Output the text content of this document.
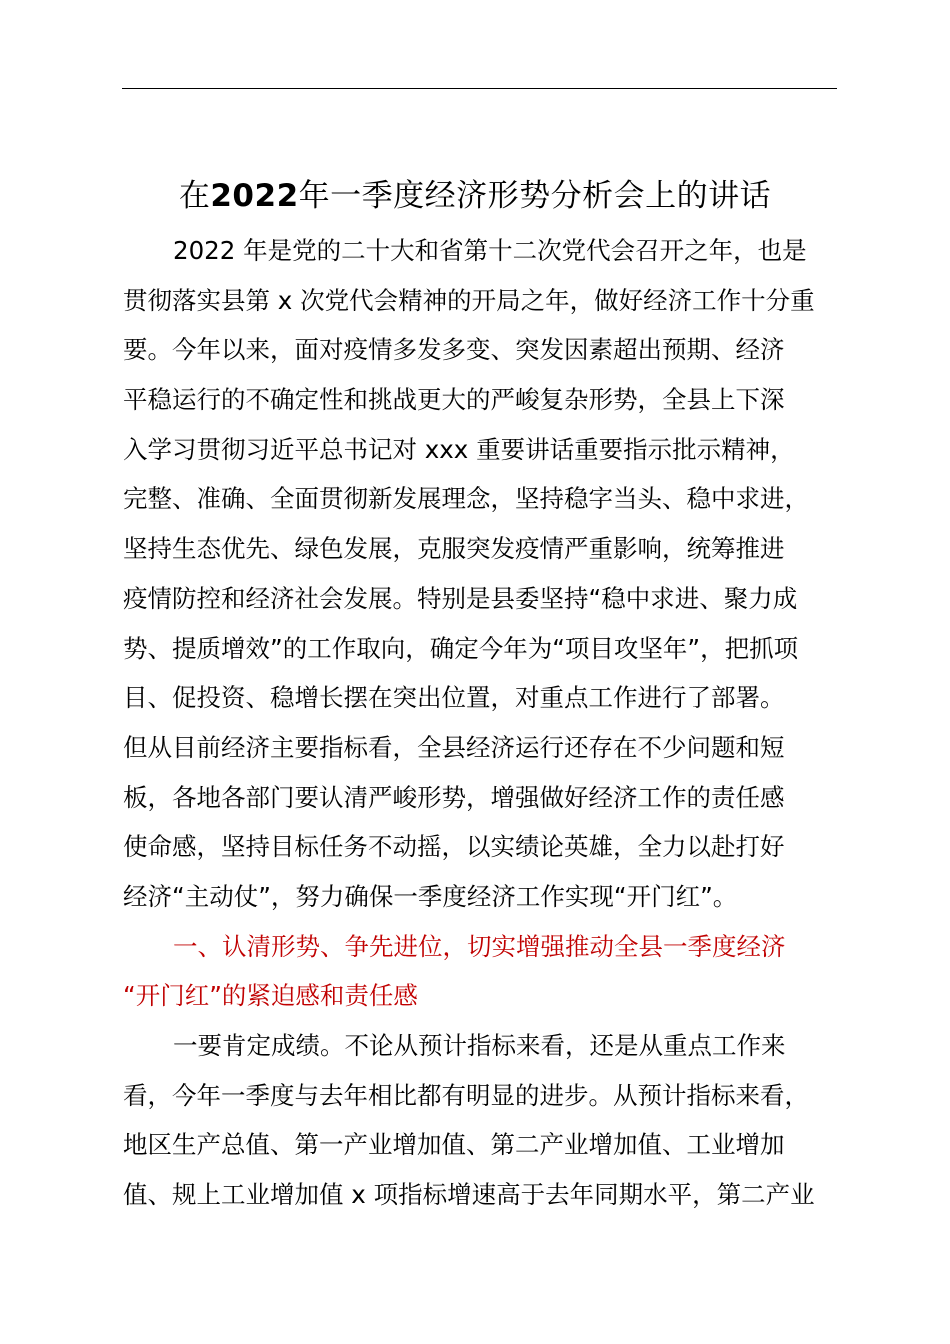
在2022年一季度经济形势分析会上的讲话
2022 年是党的二十大和省第十二次党代会召开之年，也是
贯彻落实县第 x 次党代会精神的开局之年，做好经济工作十分重
要。今年以来，面对疫情多发多变、突发因素超出预期、经济
平稳运行的不确定性和挑战更大的严峻复杂形势，全县上下深
入学习贯彻习近平总书记对 xxx 重要讲话重要指示批示精神，
完整、准确、全面贯彻新发展理念，坚持稳字当头、稳中求进，
坚持生态优先、绿色发展，克服突发疫情严重影响，统筹推进
疫情防控和经济社会发展。特别是县委坚持“稳中求进、聚力成
势、提质增效”的工作取向，确定今年为“项目攻坚年”，把抓项
目、促投资、稳增长摆在突出位置，对重点工作进行了部署。
但从目前经济主要指标看，全县经济运行还存在不少问题和短
板，各地各部门要认清严峻形势，增强做好经济工作的责任感
使命感，坚持目标任务不动摇，以实绩论英雄，全力以赴打好
经济“主动仗”，努力确保一季度经济工作实现“开门红”。
一、认清形势、争先进位，切实增强推动全县一季度经济
“开门红”的紧迫感和责任感
一要肯定成绩。不论从预计指标来看，还是从重点工作来
看，今年一季度与去年相比都有明显的进步。从预计指标来看，
地区生产总值、第一产业增加值、第二产业增加值、工业增加
值、规上工业增加值 x 项指标增速高于去年同期水平，第二产业
